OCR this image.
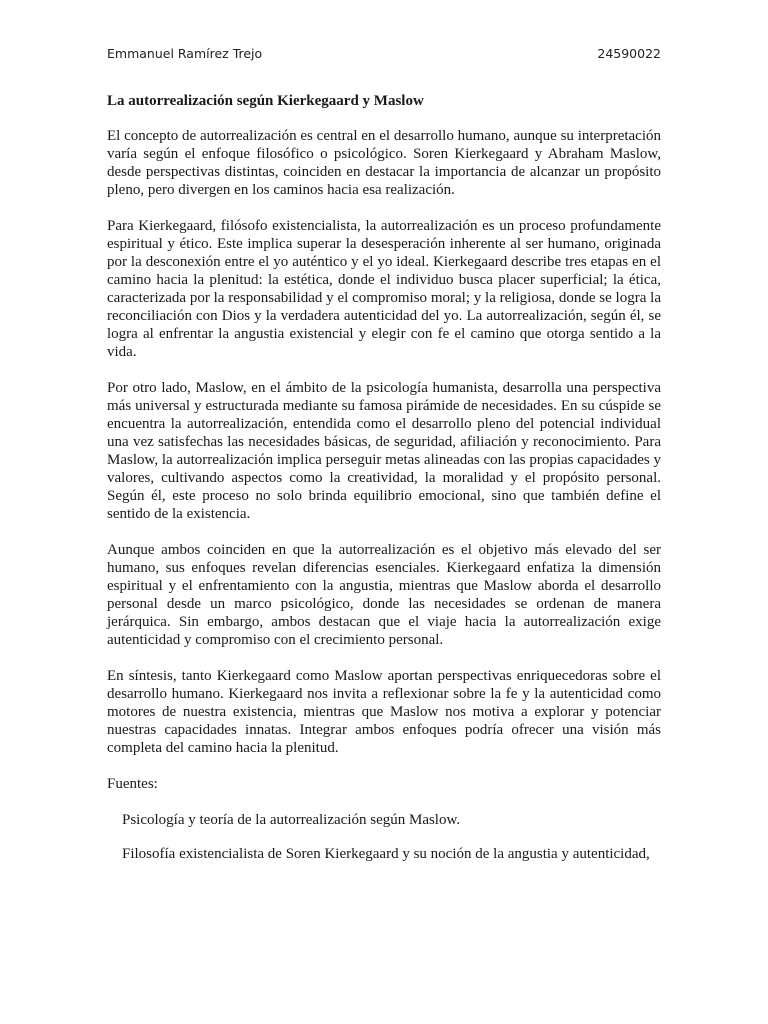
Emmanuel Ramírez Trejo	24590022
La autorrealización según Kierkegaard y Maslow

El concepto de autorrealización es central en el desarrollo humano, aunque su interpretación varía según el enfoque filosófico o psicológico. Soren Kierkegaard y Abraham Maslow, desde perspectivas distintas, coinciden en destacar la importancia de alcanzar un propósito pleno, pero divergen en los caminos hacia esa realización.

Para Kierkegaard, filósofo existencialista, la autorrealización es un proceso profundamente espiritual y ético. Este implica superar la desesperación inherente al ser humano, originada por la desconexión entre el yo auténtico y el yo ideal. Kierkegaard describe tres etapas en el camino hacia la plenitud: la estética, donde el individuo busca placer superficial; la ética, caracterizada por la responsabilidad y el compromiso moral; y la religiosa, donde se logra la reconciliación con Dios y la verdadera autenticidad del yo. La autorrealización, según él, se logra al enfrentar la angustia existencial y elegir con fe el camino que otorga sentido a la vida.

Por otro lado, Maslow, en el ámbito de la psicología humanista, desarrolla una perspectiva más universal y estructurada mediante su famosa pirámide de necesidades. En su cúspide se encuentra la autorrealización, entendida como el desarrollo pleno del potencial individual una vez satisfechas las necesidades básicas, de seguridad, afiliación y reconocimiento. Para Maslow, la autorrealización implica perseguir metas alineadas con las propias capacidades y valores, cultivando aspectos como la creatividad, la moralidad y el propósito personal. Según él, este proceso no solo brinda equilibrio emocional, sino que también define el sentido de la existencia.

Aunque ambos coinciden en que la autorrealización es el objetivo más elevado del ser humano, sus enfoques revelan diferencias esenciales. Kierkegaard enfatiza la dimensión espiritual y el enfrentamiento con la angustia, mientras que Maslow aborda el desarrollo personal desde un marco psicológico, donde las necesidades se ordenan de manera jerárquica. Sin embargo, ambos destacan que el viaje hacia la autorrealización exige autenticidad y compromiso con el crecimiento personal.

En síntesis, tanto Kierkegaard como Maslow aportan perspectivas enriquecedoras sobre el desarrollo humano. Kierkegaard nos invita a reflexionar sobre la fe y la autenticidad como motores de nuestra existencia, mientras que Maslow nos motiva a explorar y potenciar nuestras capacidades innatas. Integrar ambos enfoques podría ofrecer una visión más completa del camino hacia la plenitud.

Fuentes:
Psicología y teoría de la autorrealización según Maslow.
Filosofía existencialista de Soren Kierkegaard y su noción de la angustia y autenticidad,
